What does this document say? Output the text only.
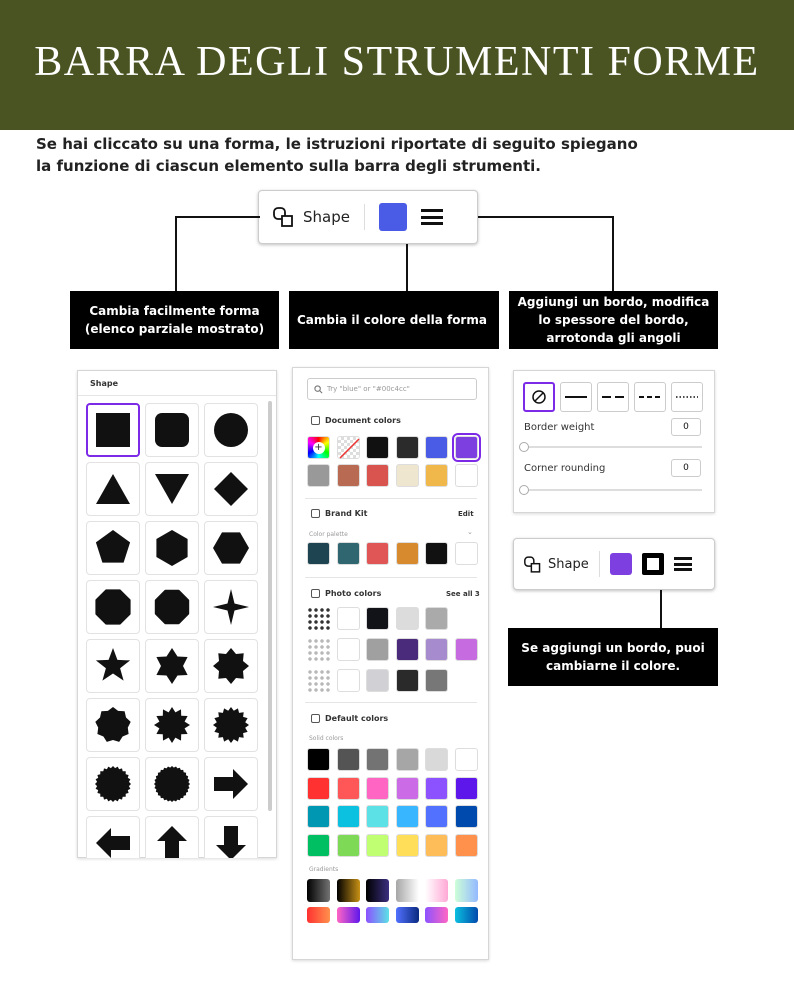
BARRA DEGLI STRUMENTI FORME
Se hai cliccato su una forma, le istruzioni riportate di seguito spiegano la funzione di ciascun elemento sulla barra degli strumenti.
Shape
Cambia facilmente forma (elenco parziale mostrato)
Cambia il colore della forma
Aggiungi un bordo, modifica lo spessore del bordo, arrotonda gli angoli
Shape
Try "blue" or "#00c4cc"
Document colors
+
Brand Kit	Edit
Color palette	⌄
Photo colors	See all 3
Default colors
Solid colors
Gradients
Border weight	0
Corner rounding	0
Shape
Se aggiungi un bordo, puoi cambiarne il colore.
